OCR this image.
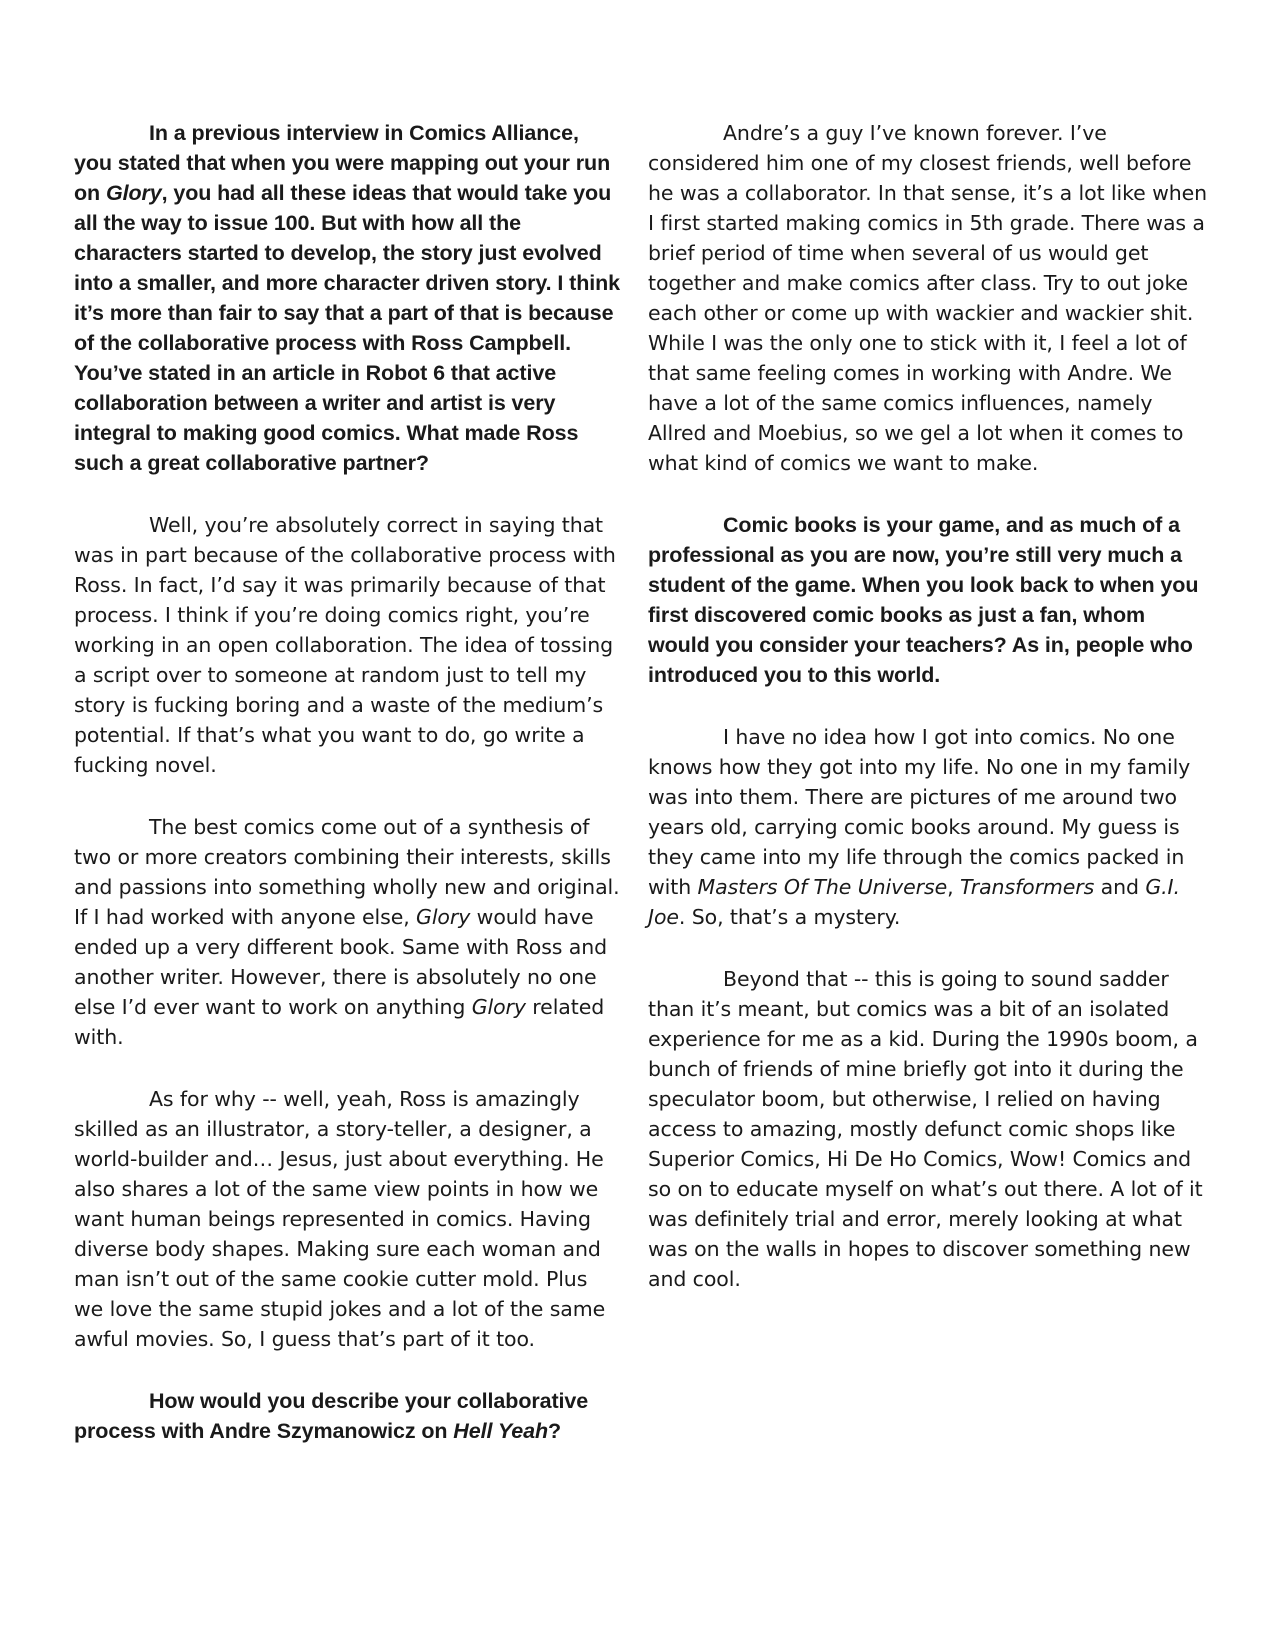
In a previous interview in Comics Alliance, you stated that when you were mapping out your run on Glory, you had all these ideas that would take you all the way to issue 100. But with how all the characters started to develop, the story just evolved into a smaller, and more character driven story. I think it’s more than fair to say that a part of that is because of the collaborative process with Ross Campbell. You’ve stated in an article in Robot 6 that active collaboration between a writer and artist is very integral to making good comics. What made Ross such a great collaborative partner?

Well, you’re absolutely correct in saying that was in part because of the collaborative process with Ross. In fact, I’d say it was primarily because of that process. I think if you’re doing comics right, you’re working in an open collaboration. The idea of tossing a script over to someone at random just to tell my story is fucking boring and a waste of the medium’s potential. If that’s what you want to do, go write a fucking novel.

The best comics come out of a synthesis of two or more creators combining their interests, skills and passions into something wholly new and original. If I had worked with anyone else, Glory would have ended up a very different book. Same with Ross and another writer. However, there is absolutely no one else I’d ever want to work on anything Glory related with.

As for why -- well, yeah, Ross is amazingly skilled as an illustrator, a story-teller, a designer, a world-builder and… Jesus, just about everything. He also shares a lot of the same view points in how we want human beings represented in comics. Having diverse body shapes. Making sure each woman and man isn’t out of the same cookie cutter mold. Plus we love the same stupid jokes and a lot of the same awful movies. So, I guess that’s part of it too.

How would you describe your collaborative process with Andre Szymanowicz on Hell Yeah?

Andre’s a guy I’ve known forever. I’ve considered him one of my closest friends, well before he was a collaborator. In that sense, it’s a lot like when I first started making comics in 5th grade. There was a brief period of time when several of us would get together and make comics after class. Try to out joke each other or come up with wackier and wackier shit. While I was the only one to stick with it, I feel a lot of that same feeling comes in working with Andre. We have a lot of the same comics influences, namely Allred and Moebius, so we gel a lot when it comes to what kind of comics we want to make.

Comic books is your game, and as much of a professional as you are now, you’re still very much a student of the game. When you look back to when you first discovered comic books as just a fan, whom would you consider your teachers? As in, people who introduced you to this world.

I have no idea how I got into comics. No one knows how they got into my life. No one in my family was into them. There are pictures of me around two years old, carrying comic books around. My guess is they came into my life through the comics packed in with Masters Of The Universe, Transformers and G.I. Joe. So, that’s a mystery.

Beyond that -- this is going to sound sadder than it’s meant, but comics was a bit of an isolated experience for me as a kid. During the 1990s boom, a bunch of friends of mine briefly got into it during the speculator boom, but otherwise, I relied on having access to amazing, mostly defunct comic shops like Superior Comics, Hi De Ho Comics, Wow! Comics and so on to educate myself on what’s out there. A lot of it was definitely trial and error, merely looking at what was on the walls in hopes to discover something new and cool.
